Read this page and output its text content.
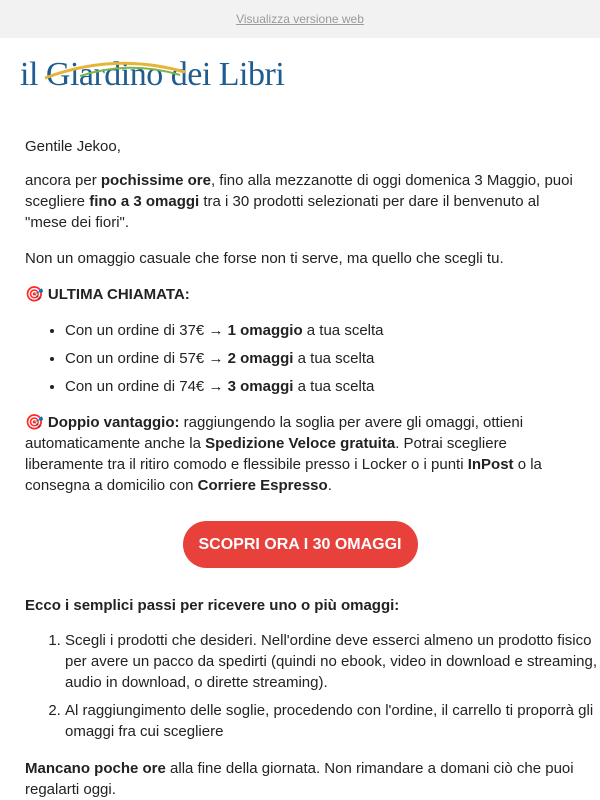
Visualizza versione web
il Giardino dei Libri

Gentile Jekoo,

ancora per pochissime ore, fino alla mezzanotte di oggi domenica 3 Maggio, puoi scegliere fino a 3 omaggi tra i 30 prodotti selezionati per dare il benvenuto al "mese dei fiori".

Non un omaggio casuale che forse non ti serve, ma quello che scegli tu.

🎯 ULTIMA CHIAMATA:

• Con un ordine di 37€ → 1 omaggio a tua scelta
• Con un ordine di 57€ → 2 omaggi a tua scelta
• Con un ordine di 74€ → 3 omaggi a tua scelta

🎯 Doppio vantaggio: raggiungendo la soglia per avere gli omaggi, ottieni automaticamente anche la Spedizione Veloce gratuita. Potrai scegliere liberamente tra il ritiro comodo e flessibile presso i Locker o i punti InPost o la consegna a domicilio con Corriere Espresso.

SCOPRI ORA I 30 OMAGGI

Ecco i semplici passi per ricevere uno o più omaggi:

1. Scegli i prodotti che desideri. Nell'ordine deve esserci almeno un prodotto fisico per avere un pacco da spedirti (quindi no ebook, video in download e streaming, audio in download, o dirette streaming).
2. Al raggiungimento delle soglie, procedendo con l'ordine, il carrello ti proporrà gli omaggi fra cui scegliere

Mancano poche ore alla fine della giornata. Non rimandare a domani ciò che puoi regalarti oggi.
